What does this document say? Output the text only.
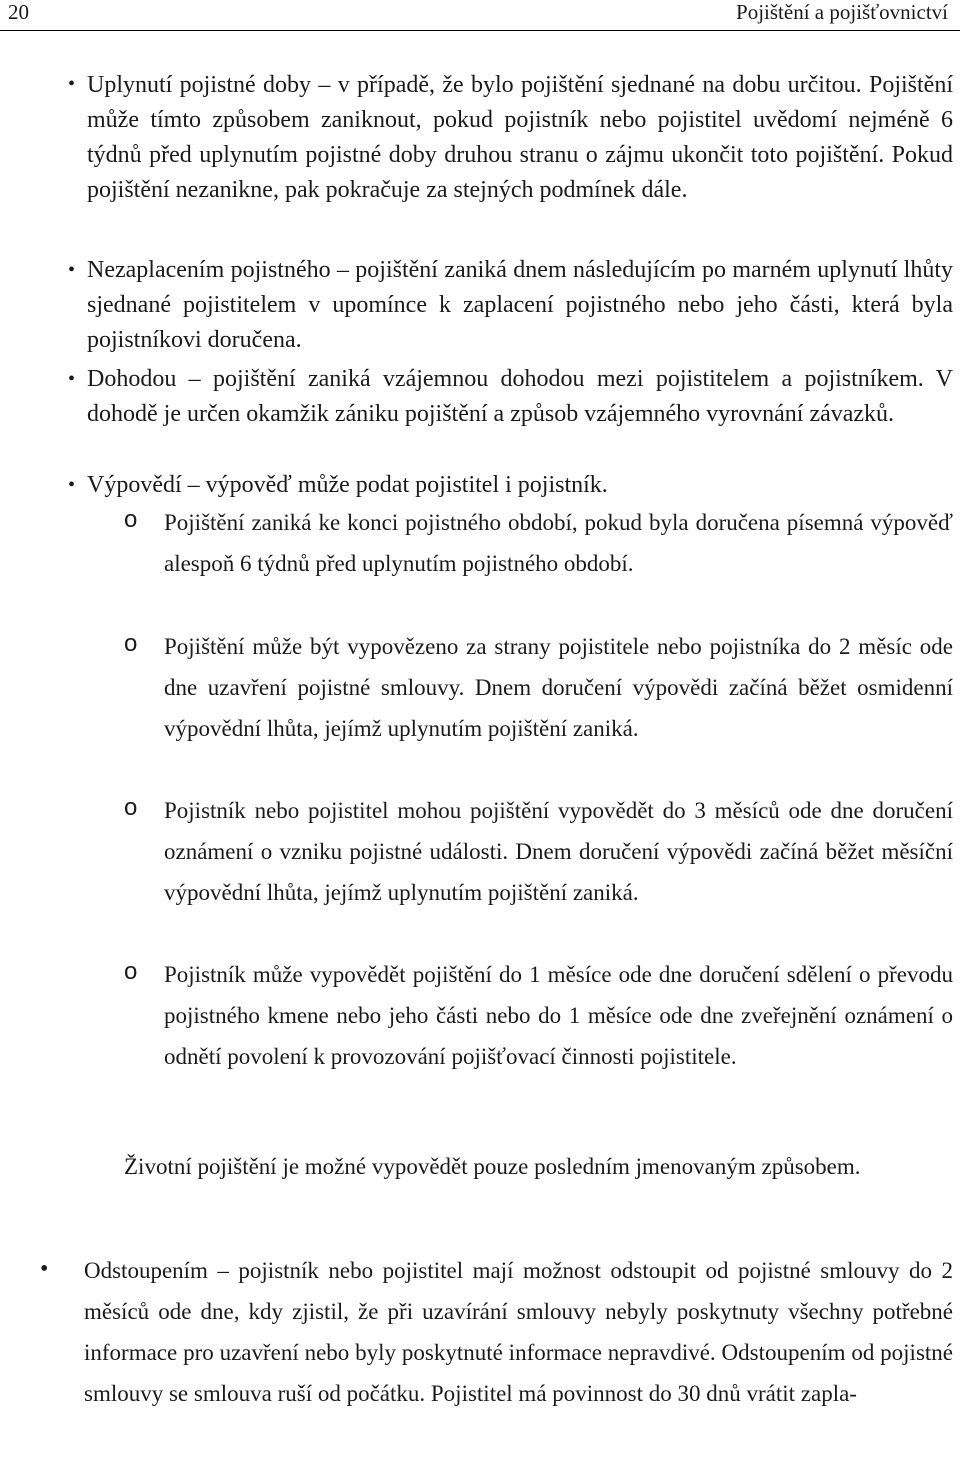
20	Pojištění a pojišťovnictví
• Uplynutí pojistné doby – v případě, že bylo pojištění sjednané na dobu určitou. Pojištění může tímto způsobem zaniknout, pokud pojistník nebo pojistitel uvědomí nejméně 6 týdnů před uplynutím pojistné doby druhou stranu o zájmu ukončit toto pojištění. Pokud pojištění nezanikne, pak pokračuje za stejných podmínek dále.
• Nezaplacením pojistného – pojištění zaniká dnem následujícím po marném uplynutí lhůty sjednané pojistitelem v upomínce k zaplacení pojistného nebo jeho části, která byla pojistníkovi doručena.
• Dohodou – pojištění zaniká vzájemnou dohodou mezi pojistitelem a pojistníkem. V dohodě je určen okamžik zániku pojištění a způsob vzájemného vyrovnání závazků.
• Výpovědí – výpověď může podat pojistitel i pojistník.
o Pojištění zaniká ke konci pojistného období, pokud byla doručena písemná výpověď alespoň 6 týdnů před uplynutím pojistného období.
o Pojištění může být vypovězeno za strany pojistitele nebo pojistníka do 2 měsíc ode dne uzavření pojistné smlouvy. Dnem doručení výpovědi začíná běžet osmidenní výpovědní lhůta, jejímž uplynutím pojištění zaniká.
o Pojistník nebo pojistitel mohou pojištění vypovědět do 3 měsíců ode dne doručení oznámení o vzniku pojistné události. Dnem doručení výpovědi začíná běžet měsíční výpovědní lhůta, jejímž uplynutím pojištění zaniká.
o Pojistník může vypovědět pojištění do 1 měsíce ode dne doručení sdělení o převodu pojistného kmene nebo jeho části nebo do 1 měsíce ode dne zveřejnění oznámení o odnětí povolení k provozování pojišťovací činnosti pojistitele.
Životní pojištění je možné vypovědět pouze posledním jmenovaným způsobem.
• Odstoupením – pojistník nebo pojistitel mají možnost odstoupit od pojistné smlouvy do 2 měsíců ode dne, kdy zjistil, že při uzavírání smlouvy nebyly poskytnuty všechny potřebné informace pro uzavření nebo byly poskytnuté informace nepravdivé. Odstoupením od pojistné smlouvy se smlouva ruší od počátku. Pojistitel má povinnost do 30 dnů vrátit zapla-
